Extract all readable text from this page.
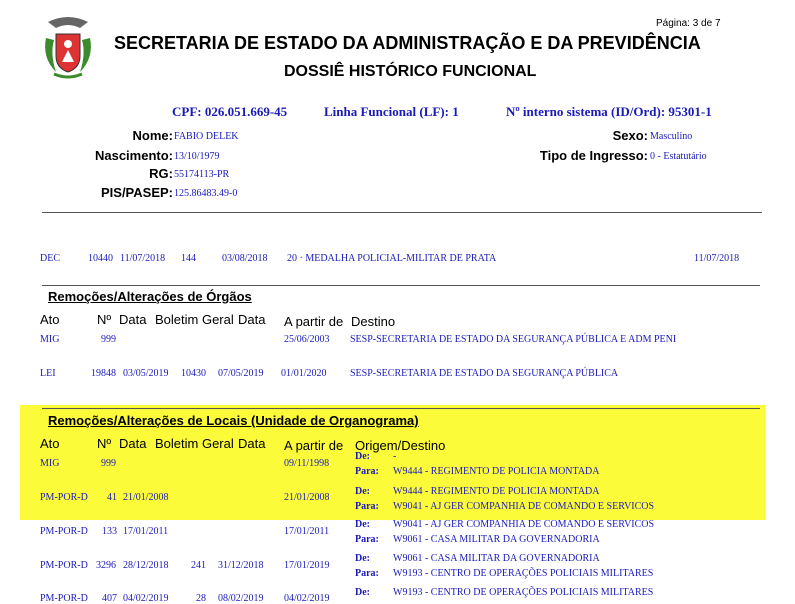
Página: 3 de 7
SECRETARIA DE ESTADO DA ADMINISTRAÇÃO E DA PREVIDÊNCIA
DOSSIÊ HISTÓRICO FUNCIONAL
CPF: 026.051.669-45	Linha Funcional (LF): 1	Nº interno sistema (ID/Ord): 95301-1
Nome: FABIO DELEK
Nascimento: 13/10/1979
RG: 55174113-PR
PIS/PASEP: 125.86483.49-0
Sexo: Masculino
Tipo de Ingresso: 0 - Estatutário
DEC	10440 11/07/2018 144	03/08/2018 20 · MEDALHA POLICIAL-MILITAR DE PRATA	11/07/2018
Remoções/Alterações de Órgãos
Ato	Nº Data Boletim Geral Data A partir de Destino
MIG	999	25/06/2003 SESP-SECRETARIA DE ESTADO DA SEGURANÇA PÚBLICA E ADM PENI
LEI	19848 03/05/2019 10430 07/05/2019 01/01/2020 SESP-SECRETARIA DE ESTADO DA SEGURANÇA PÚBLICA
Remoções/Alterações de Locais (Unidade de Organograma)
Ato	Nº Data Boletim Geral Data A partir de Origem/Destino
MIG	999	09/11/1998
De: -
Para: W9444 - REGIMENTO DE POLICIA MONTADA
PM-POR-D 41 21/01/2008	21/01/2008
De: W9444 - REGIMENTO DE POLICIA MONTADA
Para: W9041 - AJ GER COMPANHIA DE COMANDO E SERVICOS
PM-POR-D 133 17/01/2011	17/01/2011
De: W9041 - AJ GER COMPANHIA DE COMANDO E SERVICOS
Para: W9061 - CASA MILITAR DA GOVERNADORIA
PM-POR-D 3296 28/12/2018 241 31/12/2018 17/01/2019
De: W9061 - CASA MILITAR DA GOVERNADORIA
Para: W9193 - CENTRO DE OPERAÇÕES POLICIAIS MILITARES
PM-POR-D 407 04/02/2019	28 08/02/2019 04/02/2019
De: W9193 - CENTRO DE OPERAÇÕES POLICIAIS MILITARES
